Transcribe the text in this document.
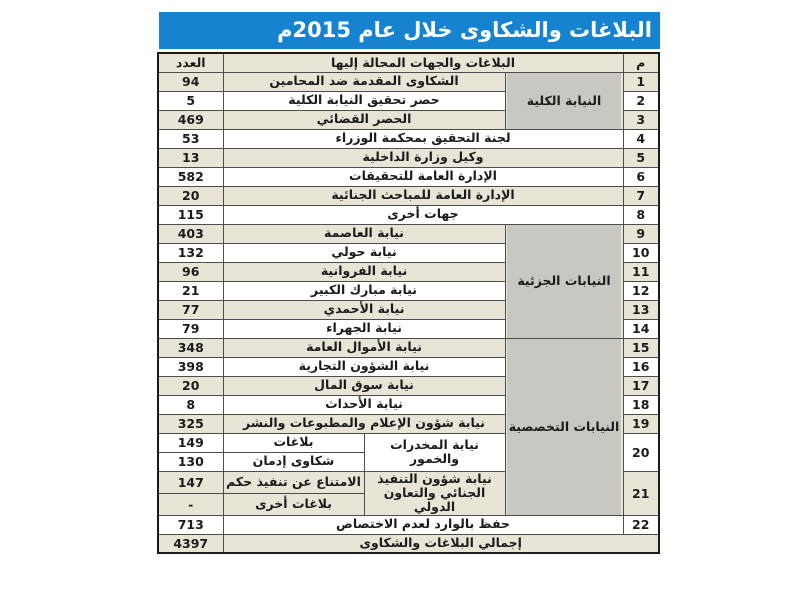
البلاغات والشكاوى خلال عام 2015م
م	البلاغات والجهات المحالة إليها			العدد
1	النيابة الكلية	الشكاوى المقدمة ضد المحامين		94
2		حصر تحقيق النيابة الكلية		5
3		الحصر القضائي		469
4	لجنة التحقيق بمحكمة الوزراء			53
5	وكيل وزارة الداخلية			13
6	الإدارة العامة للتحقيقات			582
7	الإدارة العامة للمباحث الجنائية			20
8	جهات أخرى			115
9	النيابات الجزئية	نيابة العاصمة		403
10		نيابة حولي		132
11		نيابة الفروانية		96
12		نيابة مبارك الكبير		21
13		نيابة الأحمدي		77
14		نيابة الجهراء		79
15	النيابات التخصصية	نيابة الأموال العامة		348
16		نيابة الشؤون التجارية		398
17		نيابة سوق المال		20
18		نيابة الأحداث		8
19		نيابة شؤون الإعلام والمطبوعات والنشر		325
20		نيابة المخدرات والخمور	بلاغات	149
			شكاوى إدمان	130
21		نيابة شؤون التنفيذ الجنائي والتعاون الدولي	الامتناع عن تنفيذ حكم	147
			بلاغات أخرى	-
22	حفظ بالوارد لعدم الاختصاص			713
إجمالي البلاغات والشكاوى				4397
